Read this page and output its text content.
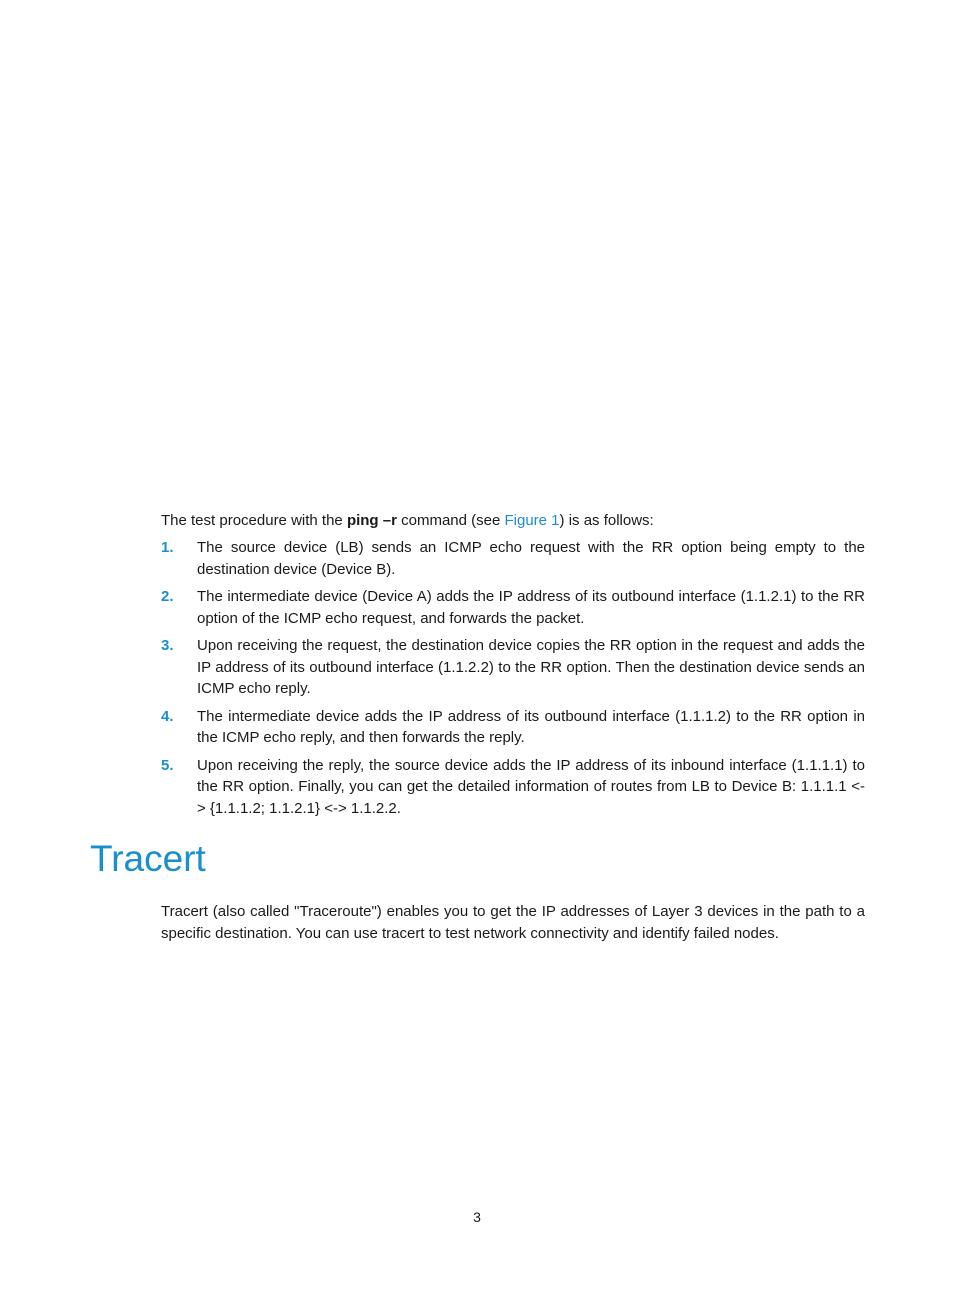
The test procedure with the ping –r command (see Figure 1) is as follows:

1. The source device (LB) sends an ICMP echo request with the RR option being empty to the destination device (Device B).
2. The intermediate device (Device A) adds the IP address of its outbound interface (1.1.2.1) to the RR option of the ICMP echo request, and forwards the packet.
3. Upon receiving the request, the destination device copies the RR option in the request and adds the IP address of its outbound interface (1.1.2.2) to the RR option. Then the destination device sends an ICMP echo reply.
4. The intermediate device adds the IP address of its outbound interface (1.1.1.2) to the RR option in the ICMP echo reply, and then forwards the reply.
5. Upon receiving the reply, the source device adds the IP address of its inbound interface (1.1.1.1) to the RR option. Finally, you can get the detailed information of routes from LB to Device B: 1.1.1.1 <-> {1.1.1.2; 1.1.2.1} <-> 1.1.2.2.
Tracert

Tracert (also called "Traceroute") enables you to get the IP addresses of Layer 3 devices in the path to a specific destination. You can use tracert to test network connectivity and identify failed nodes.

3
